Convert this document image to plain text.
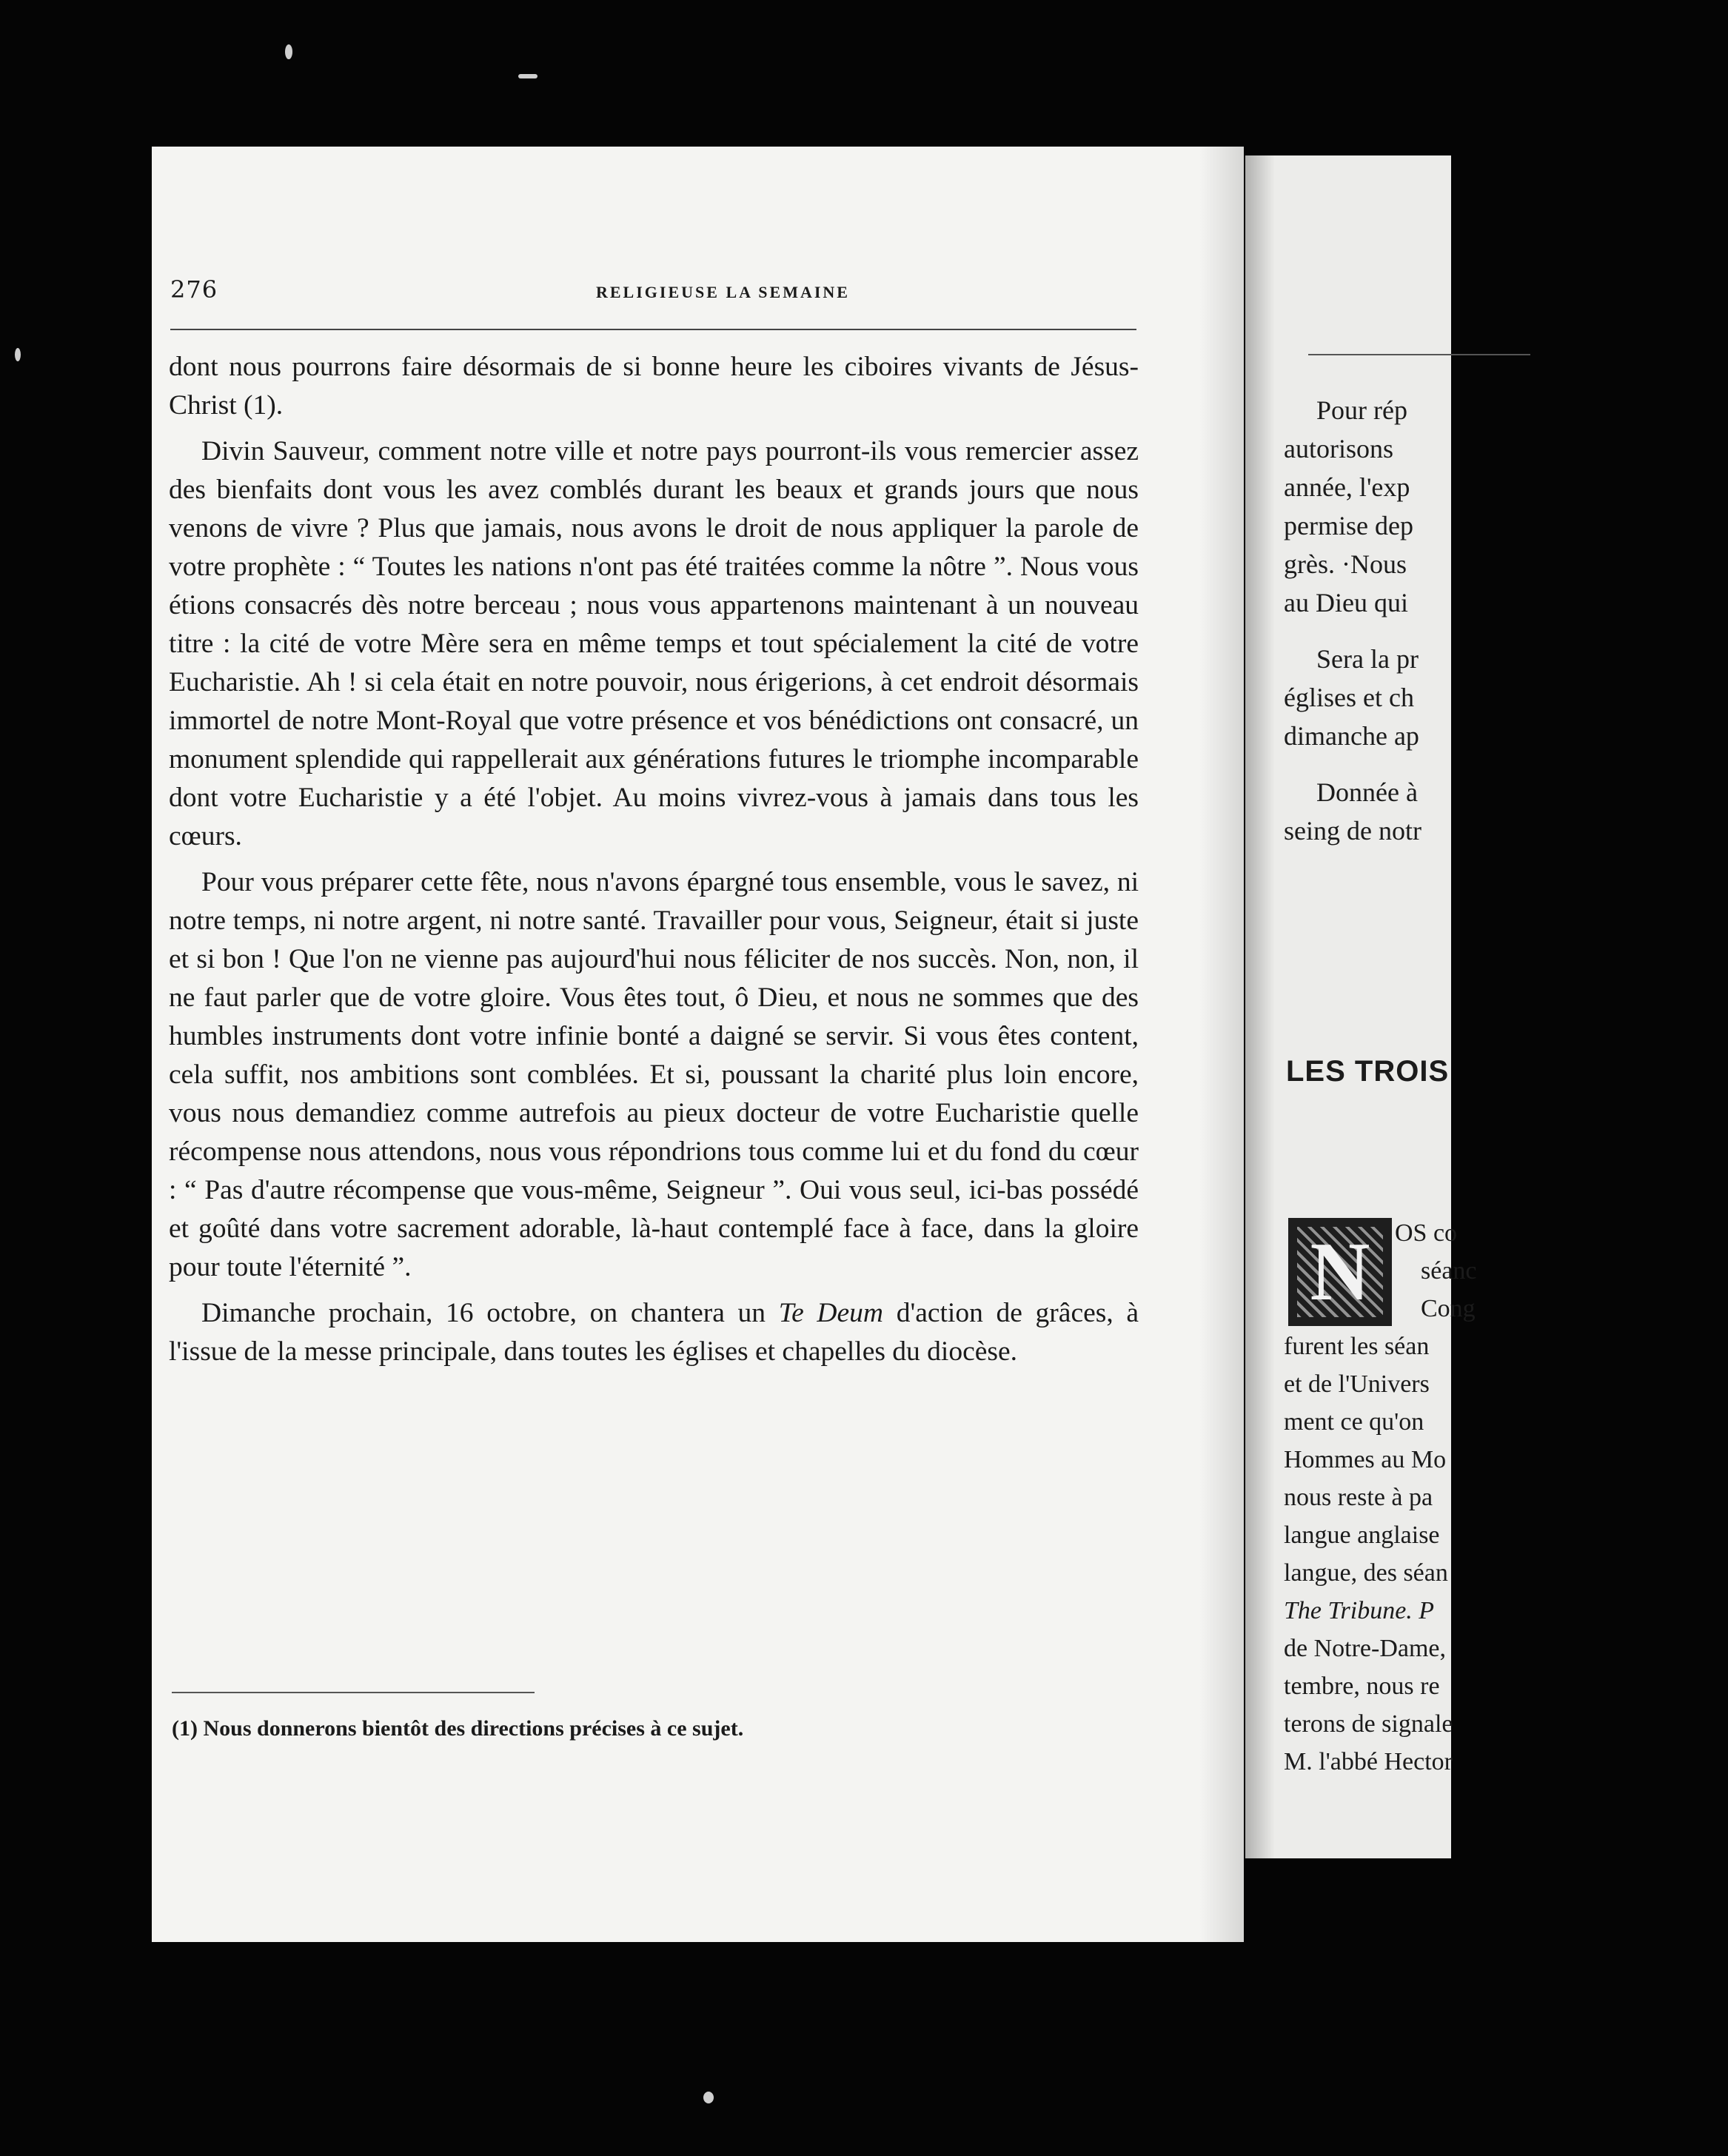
276	RELIGIEUSE LA SEMAINE

dont nous pourrons faire désormais de si bonne heure les ciboires vivants de Jésus-Christ (1).

Divin Sauveur, comment notre ville et notre pays pourront-ils vous remercier assez des bienfaits dont vous les avez comblés durant les beaux et grands jours que nous venons de vivre ? Plus que jamais, nous avons le droit de nous appliquer la parole de votre prophète : “ Toutes les nations n'ont pas été traitées comme la nôtre ”. Nous vous étions consacrés dès notre berceau ; nous vous appartenons maintenant à un nouveau titre : la cité de votre Mère sera en même temps et tout spécialement la cité de votre Eucharistie. Ah ! si cela était en notre pouvoir, nous érigerions, à cet endroit désormais immortel de notre Mont-Royal que votre présence et vos bénédictions ont consacré, un monument splendide qui rappellerait aux générations futures le triomphe incomparable dont votre Eucharistie y a été l'objet. Au moins vivrez-vous à jamais dans tous les cœurs.

Pour vous préparer cette fête, nous n'avons épargné tous ensemble, vous le savez, ni notre temps, ni notre argent, ni notre santé. Travailler pour vous, Seigneur, était si juste et si bon ! Que l'on ne vienne pas aujourd'hui nous féliciter de nos succès. Non, non, il ne faut parler que de votre gloire. Vous êtes tout, ô Dieu, et nous ne sommes que des humbles instruments dont votre infinie bonté a daigné se servir. Si vous êtes content, cela suffit, nos ambitions sont comblées. Et si, poussant la charité plus loin encore, vous nous demandiez comme autrefois au pieux docteur de votre Eucharistie quelle récompense nous attendons, nous vous répondrions tous comme lui et du fond du cœur : “ Pas d'autre récompense que vous-même, Seigneur ”. Oui vous seul, ici-bas possédé et goûté dans votre sacrement adorable, là-haut contemplé face à face, dans la gloire pour toute l'éternité ”.

Dimanche prochain, 16 octobre, on chantera un Te Deum d'action de grâces, à l'issue de la messe principale, dans toutes les églises et chapelles du diocèse.

(1) Nous donnerons bientôt des directions précises à ce sujet.
Pour rép
autorisons
année, l'exp
permise dep
grès. ·Nous
au Dieu qui
Sera la pr
églises et ch
dimanche ap
Donnée à
seing de notr
LES TROIS
N OS co
séanc
Cong
furent les séan
et de l'Univers
ment ce qu'on
Hommes au Mo
nous reste à pa
langue anglaise
langue, des séan
The Tribune. P
de Notre-Dame,
tembre, nous re
terons de signale
M. l'abbé Hector
